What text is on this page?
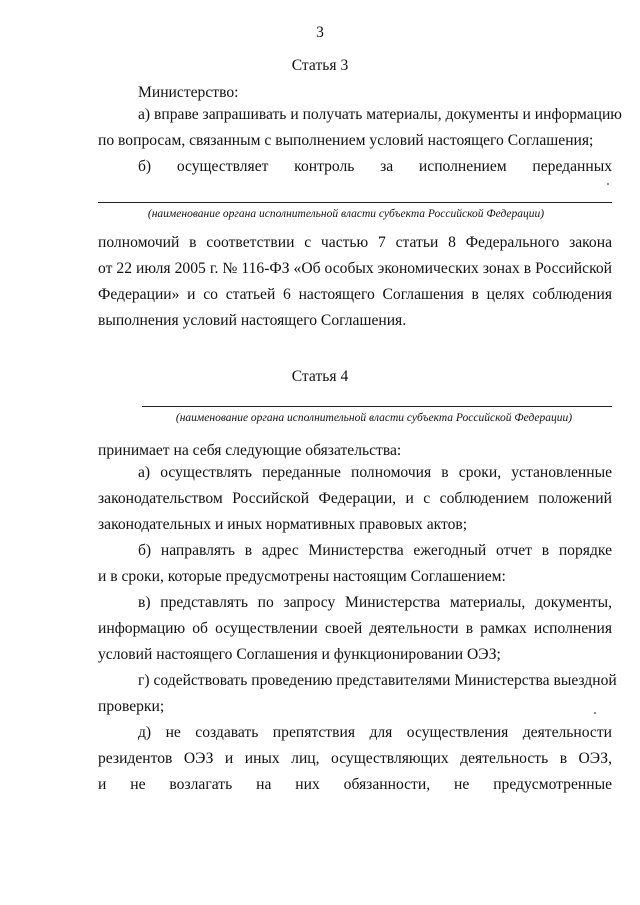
3
Статья 3
Министерство:
а) вправе запрашивать и получать материалы, документы и информацию
по вопросам, связанным с выполнением условий настоящего Соглашения;
б) осуществляет контроль за исполнением переданных
(наименование органа исполнительной власти субъекта Российской Федерации)
полномочий в соответствии с частью 7 статьи 8 Федерального закона
от 22 июля 2005 г. № 116-ФЗ «Об особых экономических зонах в Российской
Федерации» и со статьей 6 настоящего Соглашения в целях соблюдения
выполнения условий настоящего Соглашения.
Статья 4
(наименование органа исполнительной власти субъекта Российской Федерации)
принимает на себя следующие обязательства:
а) осуществлять переданные полномочия в сроки, установленные
законодательством Российской Федерации, и с соблюдением положений
законодательных и иных нормативных правовых актов;
б) направлять в адрес Министерства ежегодный отчет в порядке
и в сроки, которые предусмотрены настоящим Соглашением:
в) представлять по запросу Министерства материалы, документы,
информацию об осуществлении своей деятельности в рамках исполнения
условий настоящего Соглашения и функционировании ОЭЗ;
г) содействовать проведению представителями Министерства выездной
проверки;
д) не создавать препятствия для осуществления деятельности
резидентов ОЭЗ и иных лиц, осуществляющих деятельность в ОЭЗ,
и не возлагать на них обязанности, не предусмотренные
